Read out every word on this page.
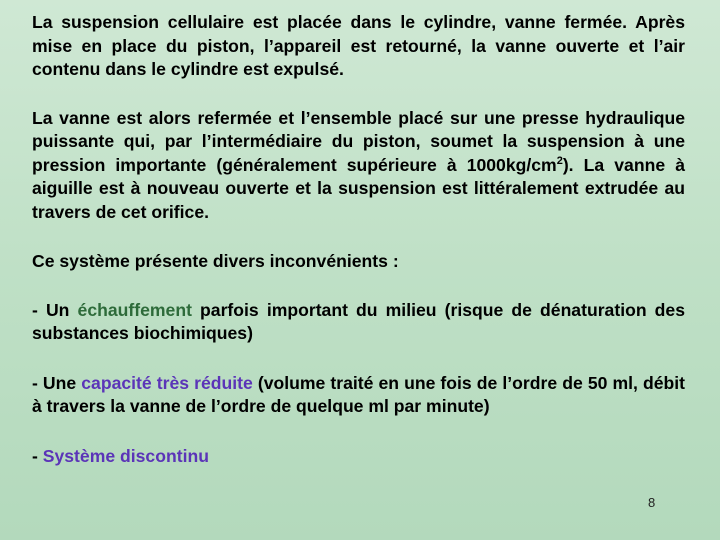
La suspension cellulaire est placée dans le cylindre, vanne fermée. Après mise en place du piston, l’appareil est retourné, la vanne ouverte et l’air contenu dans le cylindre est expulsé.

La vanne est alors refermée et l’ensemble placé sur une presse hydraulique puissante qui, par l’intermédiaire du piston, soumet la suspension à une pression importante (généralement supérieure à $1000kg/cm^2$). La vanne à aiguille est à nouveau ouverte et la suspension est littéralement extrudée au travers de cet orifice.

Ce système présente divers inconvénients :

- Un échauffement parfois important du milieu (risque de dénaturation des substances biochimiques)

- Une capacité très réduite (volume traité en une fois de l’ordre de 50 ml, débit à travers la vanne de l’ordre de quelque ml par minute)

- Système discontinu

8
